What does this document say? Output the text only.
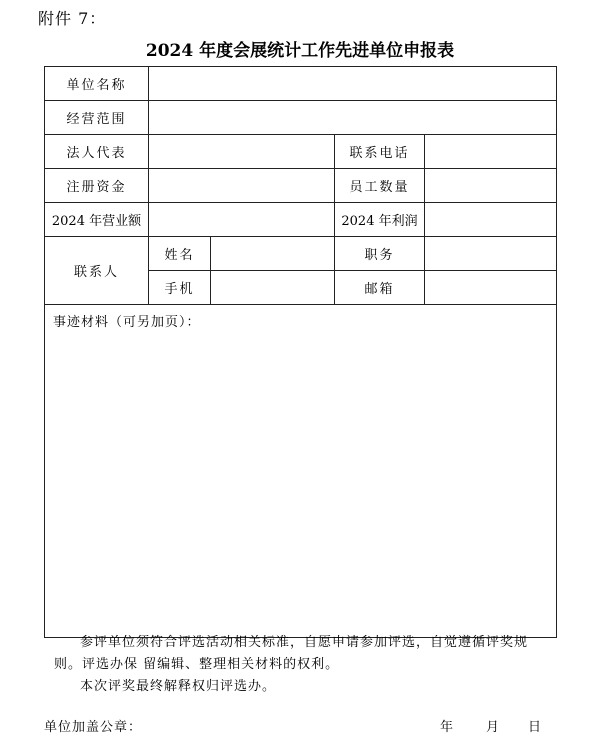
附件 7：
2024 年度会展统计工作先进单位申报表
单位名称				
经营范围				
法人代表			联系电话	
注册资金			员工数量	
2024 年营业额			2024 年利润	
联系人	姓名		职务	
	手机		邮箱	
事迹材料（可另加页）：				

参评单位须符合评选活动相关标准，自愿申请参加评选，自觉遵循评奖规则。评选办保 留编辑、整理相关材料的权利。

本次评奖最终解释权归评选办。

单位加盖公章：	年	月 日
